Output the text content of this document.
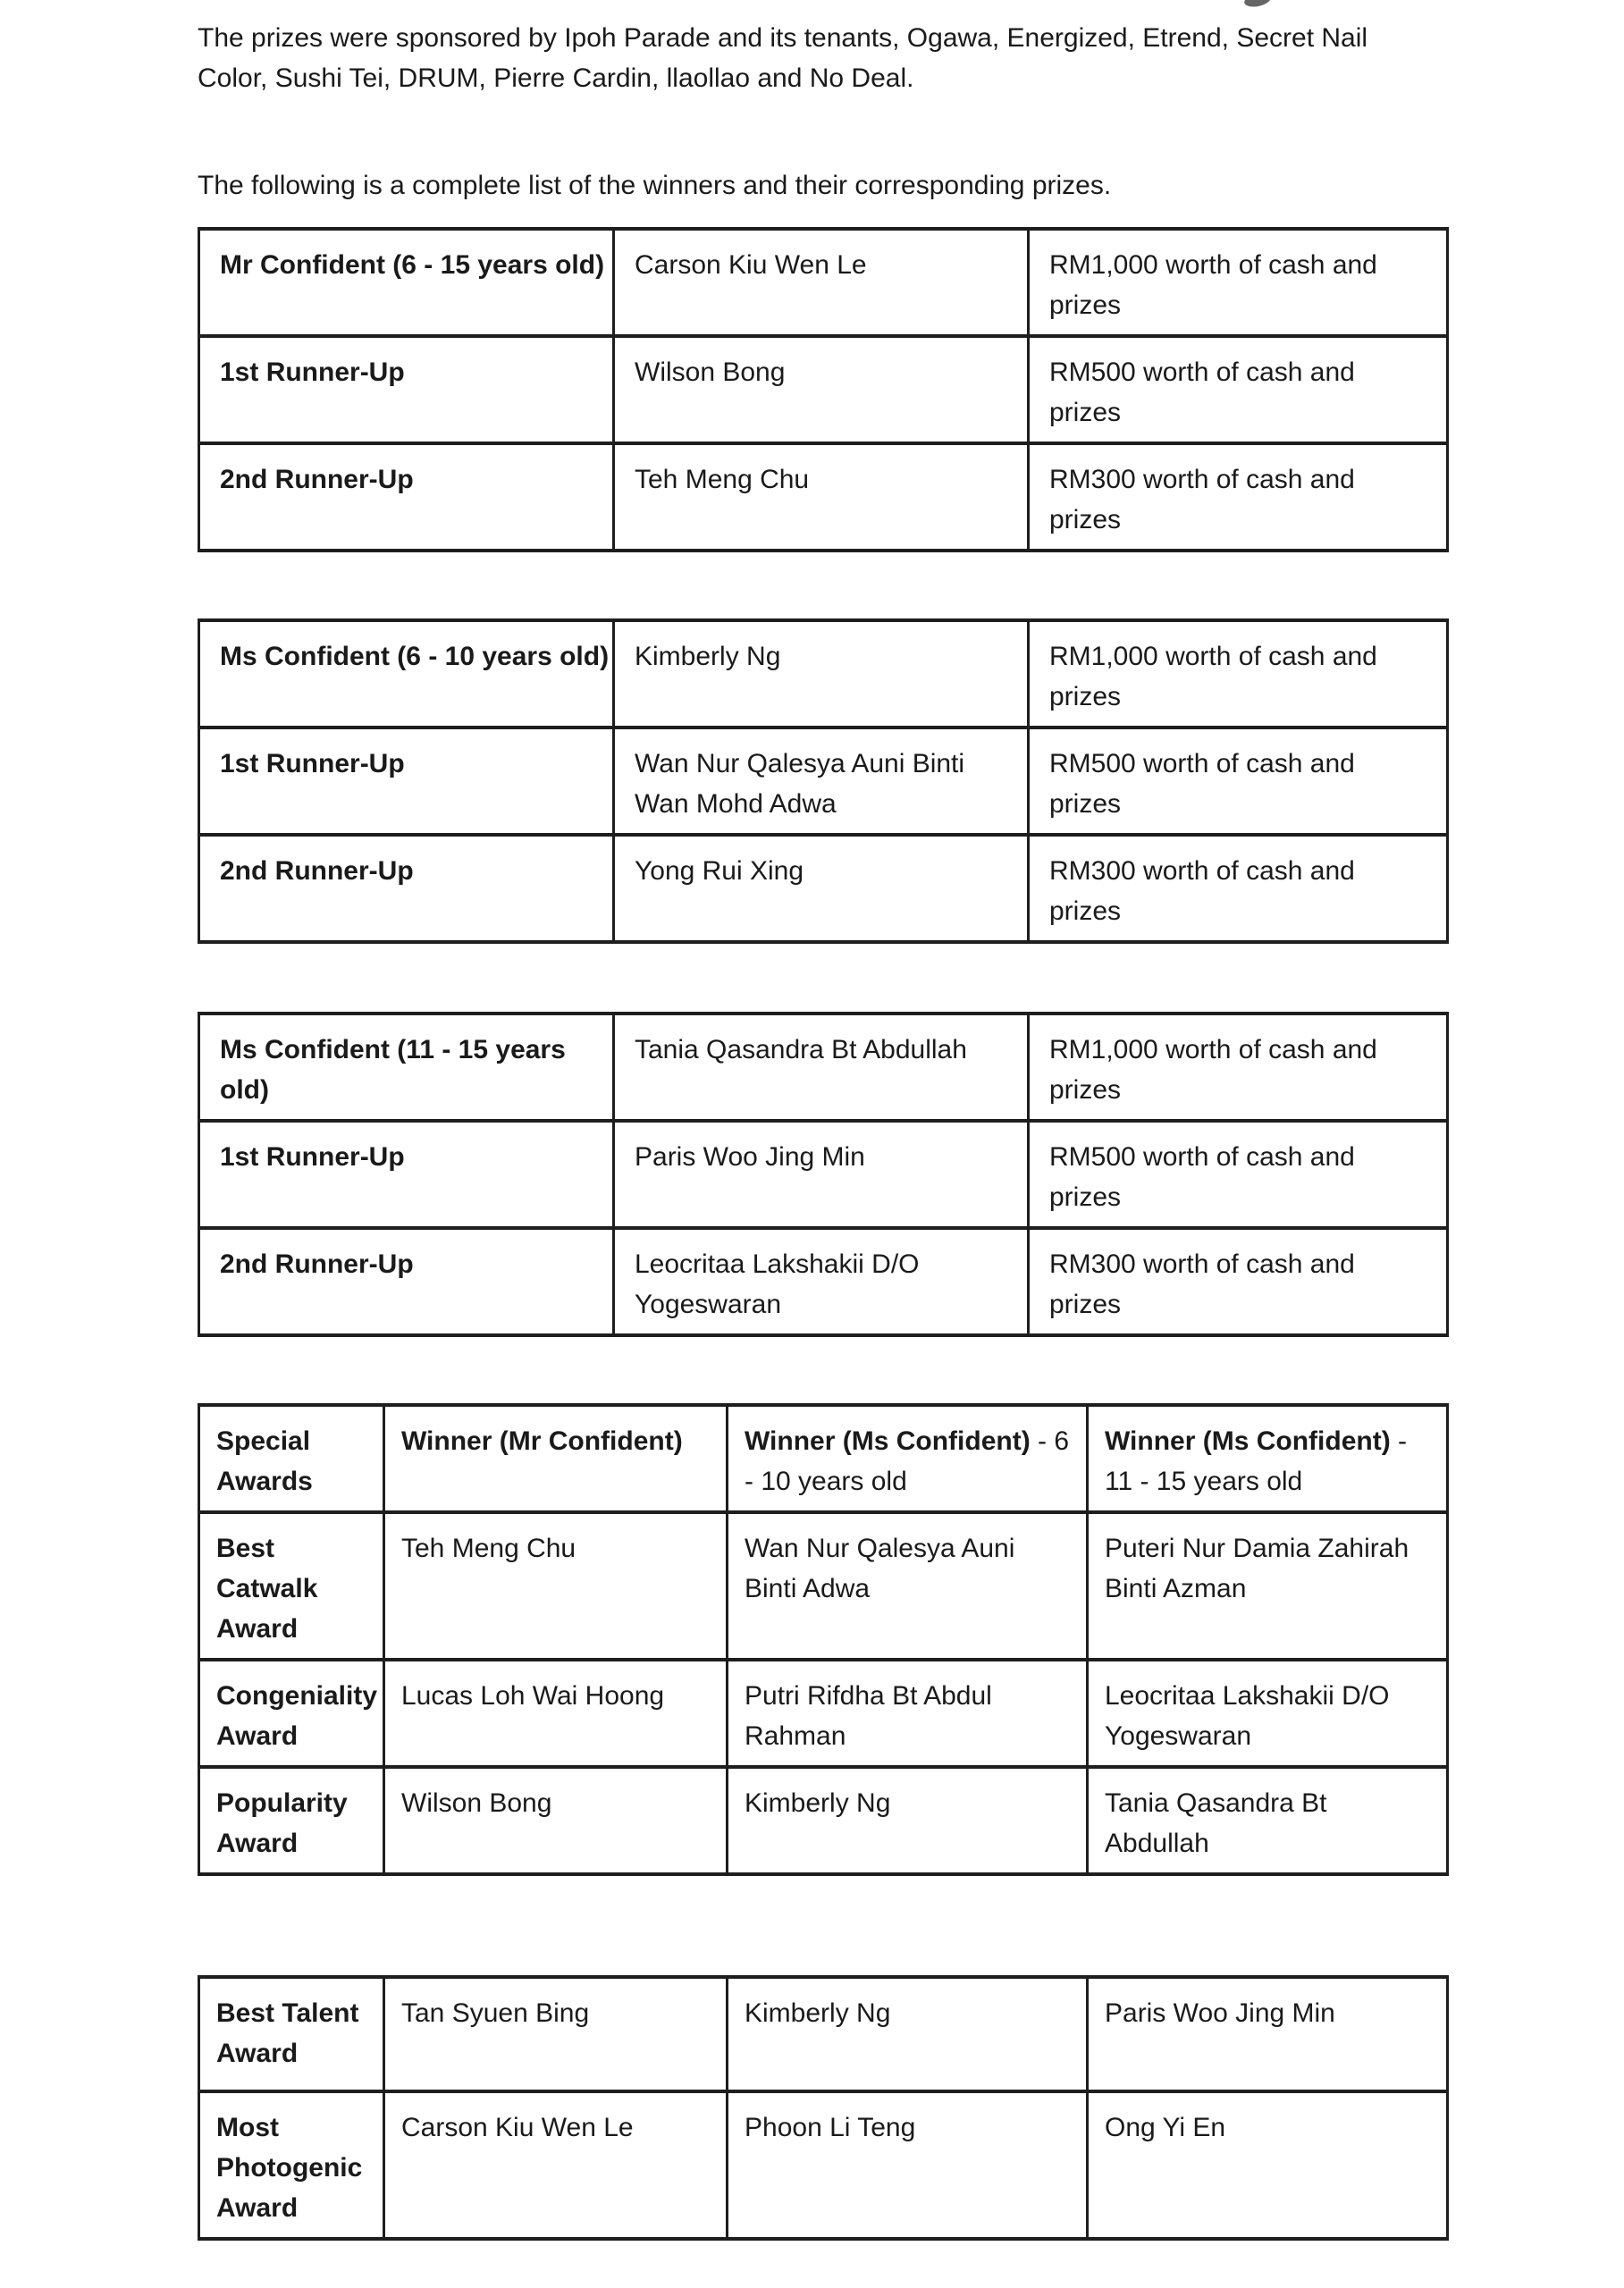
The prizes were sponsored by Ipoh Parade and its tenants, Ogawa, Energized, Etrend, Secret Nail
Color, Sushi Tei, DRUM, Pierre Cardin, llaollao and No Deal.

The following is a complete list of the winners and their corresponding prizes.

Mr Confident (6 - 15 years old)	Carson Kiu Wen Le	RM1,000 worth of cash and
prizes
1st Runner-Up	Wilson Bong	RM500 worth of cash and
prizes
2nd Runner-Up	Teh Meng Chu	RM300 worth of cash and
prizes
Ms Confident (6 - 10 years old)	Kimberly Ng	RM1,000 worth of cash and
prizes
1st Runner-Up	Wan Nur Qalesya Auni Binti
Wan Mohd Adwa	RM500 worth of cash and
prizes
2nd Runner-Up	Yong Rui Xing	RM300 worth of cash and
prizes
Ms Confident (11 - 15 years
old)	Tania Qasandra Bt Abdullah	RM1,000 worth of cash and
prizes
1st Runner-Up	Paris Woo Jing Min	RM500 worth of cash and
prizes
2nd Runner-Up	Leocritaa Lakshakii D/O
Yogeswaran	RM300 worth of cash and
prizes
Special
Awards	Winner (Mr Confident)	Winner (Ms Confident) - 6
- 10 years old	Winner (Ms Confident) -
11 - 15 years old
Best
Catwalk
Award	Teh Meng Chu	Wan Nur Qalesya Auni
Binti Adwa	Puteri Nur Damia Zahirah
Binti Azman
Congeniality
Award	Lucas Loh Wai Hoong	Putri Rifdha Bt Abdul
Rahman	Leocritaa Lakshakii D/O
Yogeswaran
Popularity
Award	Wilson Bong	Kimberly Ng	Tania Qasandra Bt
Abdullah
Best Talent
Award	Tan Syuen Bing	Kimberly Ng	Paris Woo Jing Min
Most
Photogenic
Award	Carson Kiu Wen Le	Phoon Li Teng	Ong Yi En
